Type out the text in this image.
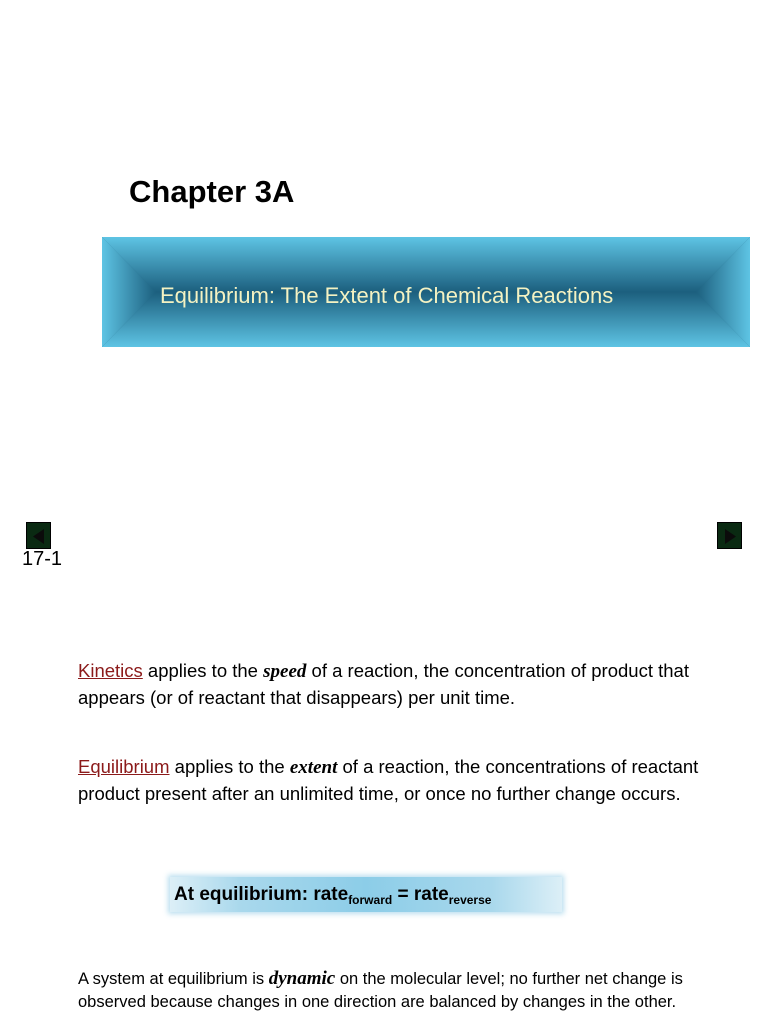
Chapter 3A
Equilibrium: The Extent of Chemical Reactions
17-1
Kinetics applies to the speed of a reaction, the concentration of product that appears (or of reactant that disappears) per unit time.
Equilibrium applies to the extent of a reaction, the concentrations of reactant product present after an unlimited time, or once no further change occurs.
At equilibrium: rate$_{forward}$ = rate$_{reverse}$
A system at equilibrium is dynamic on the molecular level; no further net change is observed because changes in one direction are balanced by changes in the other.
